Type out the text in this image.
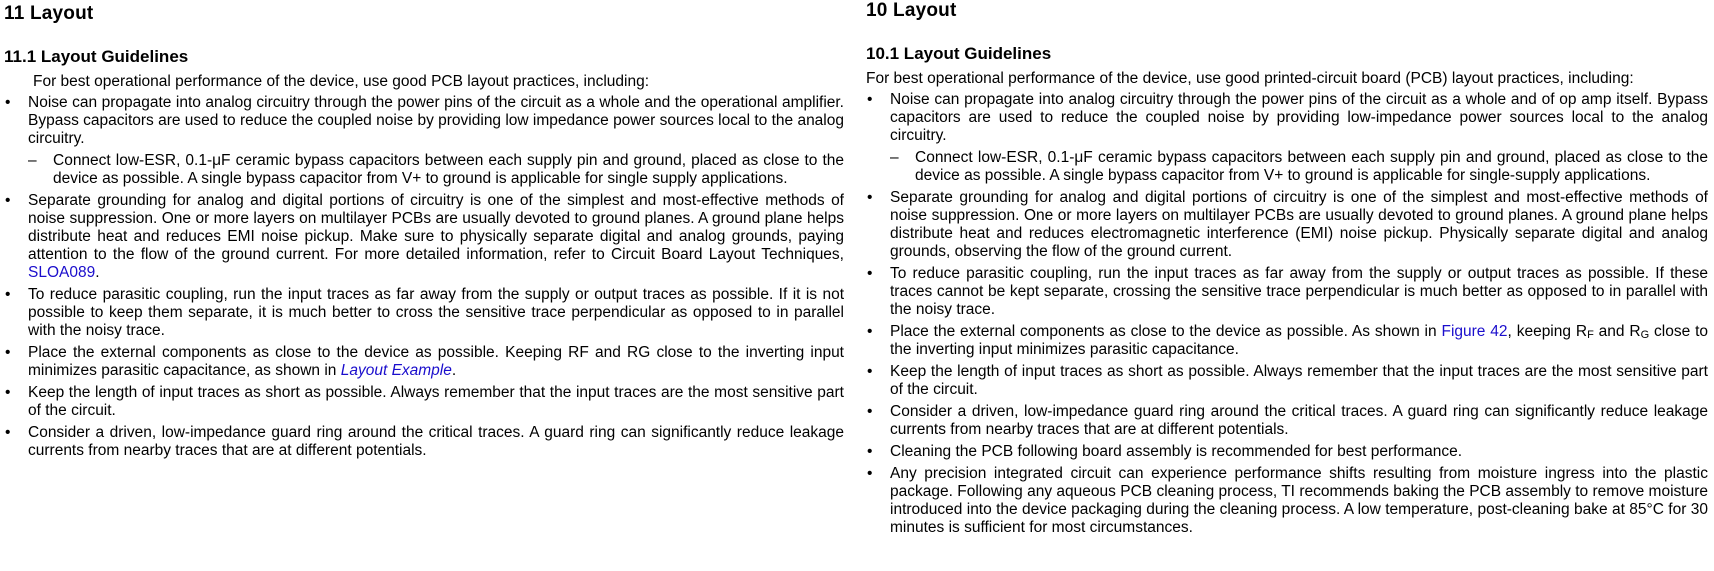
11 Layout
11.1 Layout Guidelines

For best operational performance of the device, use good PCB layout practices, including:

• Noise can propagate into analog circuitry through the power pins of the circuit as a whole and the operational amplifier. Bypass capacitors are used to reduce the coupled noise by providing low impedance power sources local to the analog circuitry.
– Connect low-ESR, 0.1-μF ceramic bypass capacitors between each supply pin and ground, placed as close to the device as possible. A single bypass capacitor from V+ to ground is applicable for single supply applications.
• Separate grounding for analog and digital portions of circuitry is one of the simplest and most-effective methods of noise suppression. One or more layers on multilayer PCBs are usually devoted to ground planes. A ground plane helps distribute heat and reduces EMI noise pickup. Make sure to physically separate digital and analog grounds, paying attention to the flow of the ground current. For more detailed information, refer to Circuit Board Layout Techniques, SLOA089.
• To reduce parasitic coupling, run the input traces as far away from the supply or output traces as possible. If it is not possible to keep them separate, it is much better to cross the sensitive trace perpendicular as opposed to in parallel with the noisy trace.
• Place the external components as close to the device as possible. Keeping RF and RG close to the inverting input minimizes parasitic capacitance, as shown in Layout Example.
• Keep the length of input traces as short as possible. Always remember that the input traces are the most sensitive part of the circuit.
• Consider a driven, low-impedance guard ring around the critical traces. A guard ring can significantly reduce leakage currents from nearby traces that are at different potentials.
10 Layout
10.1 Layout Guidelines

For best operational performance of the device, use good printed-circuit board (PCB) layout practices, including:

• Noise can propagate into analog circuitry through the power pins of the circuit as a whole and of op amp itself. Bypass capacitors are used to reduce the coupled noise by providing low-impedance power sources local to the analog circuitry.
– Connect low-ESR, 0.1-μF ceramic bypass capacitors between each supply pin and ground, placed as close to the device as possible. A single bypass capacitor from V+ to ground is applicable for single-supply applications.
• Separate grounding for analog and digital portions of circuitry is one of the simplest and most-effective methods of noise suppression. One or more layers on multilayer PCBs are usually devoted to ground planes. A ground plane helps distribute heat and reduces electromagnetic interference (EMI) noise pickup. Physically separate digital and analog grounds, observing the flow of the ground current.
• To reduce parasitic coupling, run the input traces as far away from the supply or output traces as possible. If these traces cannot be kept separate, crossing the sensitive trace perpendicular is much better as opposed to in parallel with the noisy trace.
• Place the external components as close to the device as possible. As shown in Figure 42, keeping $R_F$ and $R_G$ close to the inverting input minimizes parasitic capacitance.
• Keep the length of input traces as short as possible. Always remember that the input traces are the most sensitive part of the circuit.
• Consider a driven, low-impedance guard ring around the critical traces. A guard ring can significantly reduce leakage currents from nearby traces that are at different potentials.
• Cleaning the PCB following board assembly is recommended for best performance.
• Any precision integrated circuit can experience performance shifts resulting from moisture ingress into the plastic package. Following any aqueous PCB cleaning process, TI recommends baking the PCB assembly to remove moisture introduced into the device packaging during the cleaning process. A low temperature, post-cleaning bake at 85°C for 30 minutes is sufficient for most circumstances.
